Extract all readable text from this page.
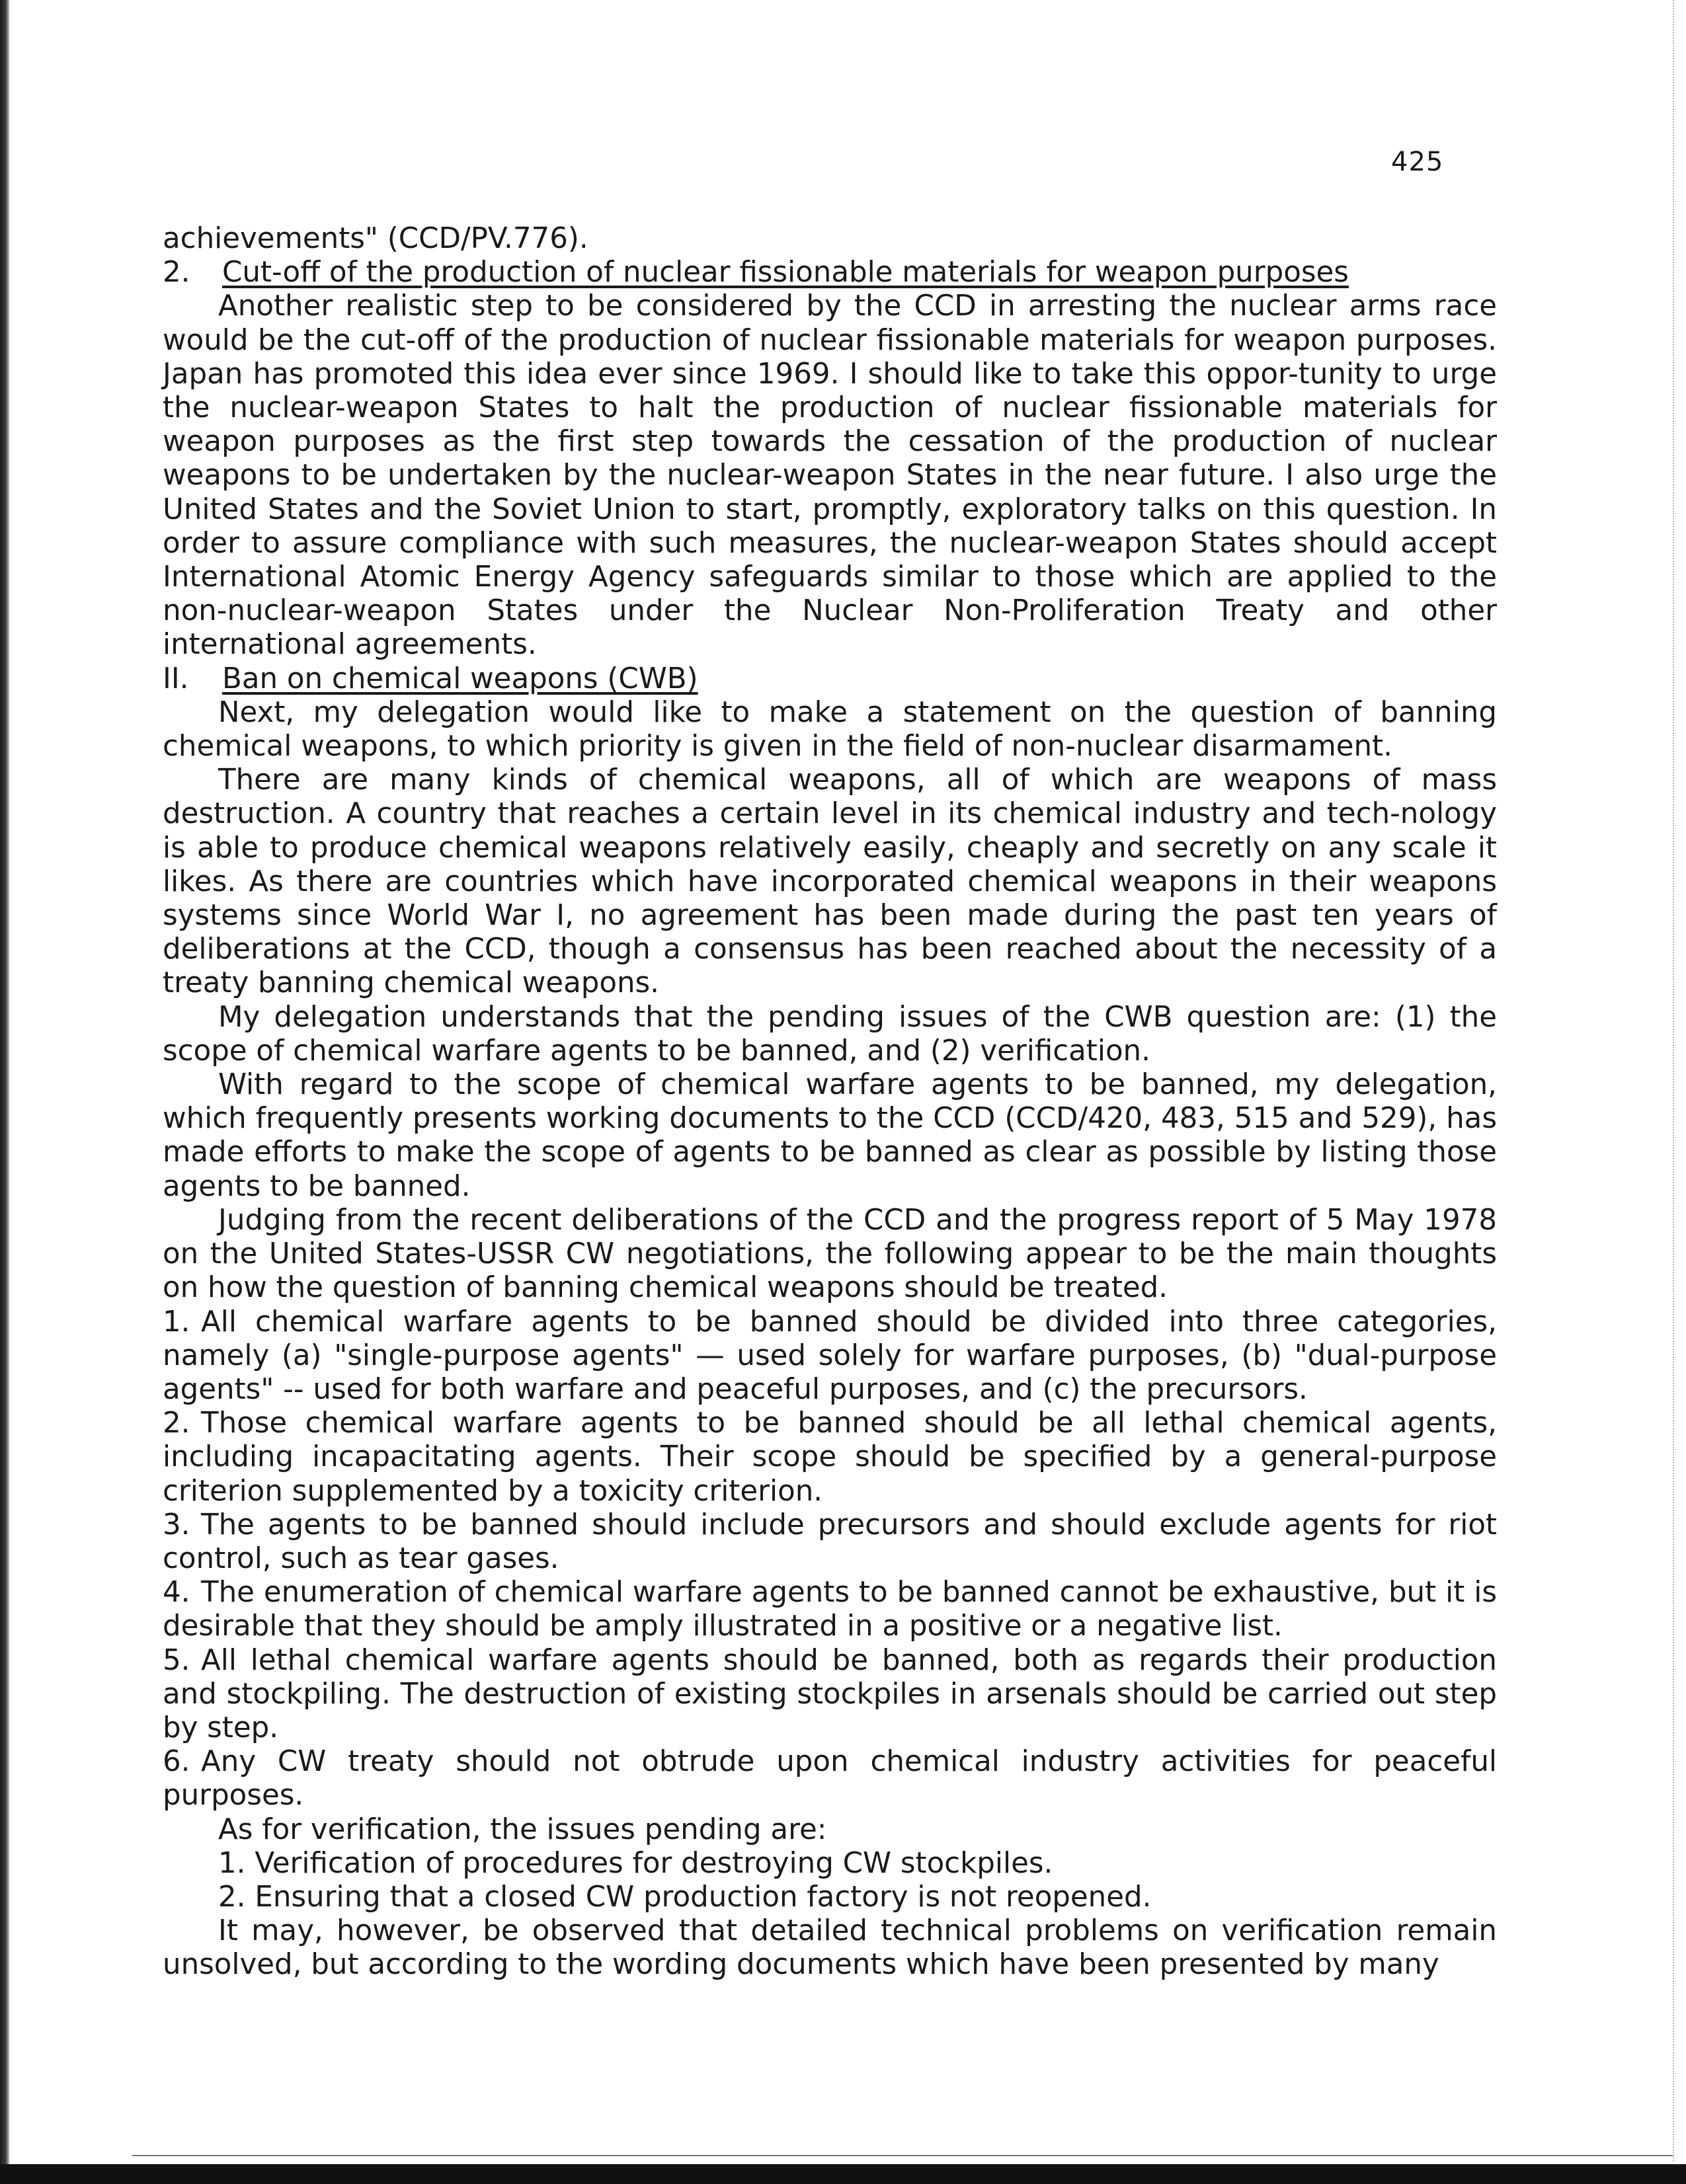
425

achievements" (CCD/PV.776).

2. Cut-off of the production of nuclear fissionable materials for weapon purposes

Another realistic step to be considered by the CCD in arresting the nuclear arms race would be the cut-off of the production of nuclear fissionable materials for weapon purposes. Japan has promoted this idea ever since 1969. I should like to take this oppor-tunity to urge the nuclear-weapon States to halt the production of nuclear fissionable materials for weapon purposes as the first step towards the cessation of the production of nuclear weapons to be undertaken by the nuclear-weapon States in the near future. I also urge the United States and the Soviet Union to start, promptly, exploratory talks on this question. In order to assure compliance with such measures, the nuclear-weapon States should accept International Atomic Energy Agency safeguards similar to those which are applied to the non-nuclear-weapon States under the Nuclear Non-Proliferation Treaty and other international agreements.

II. Ban on chemical weapons (CWB)

Next, my delegation would like to make a statement on the question of banning chemical weapons, to which priority is given in the field of non-nuclear disarmament.

There are many kinds of chemical weapons, all of which are weapons of mass destruction. A country that reaches a certain level in its chemical industry and tech-nology is able to produce chemical weapons relatively easily, cheaply and secretly on any scale it likes. As there are countries which have incorporated chemical weapons in their weapons systems since World War I, no agreement has been made during the past ten years of deliberations at the CCD, though a consensus has been reached about the necessity of a treaty banning chemical weapons.

My delegation understands that the pending issues of the CWB question are: (1) the scope of chemical warfare agents to be banned, and (2) verification.

With regard to the scope of chemical warfare agents to be banned, my delegation, which frequently presents working documents to the CCD (CCD/420, 483, 515 and 529), has made efforts to make the scope of agents to be banned as clear as possible by listing those agents to be banned.

Judging from the recent deliberations of the CCD and the progress report of 5 May 1978 on the United States-USSR CW negotiations, the following appear to be the main thoughts on how the question of banning chemical weapons should be treated.

1. All chemical warfare agents to be banned should be divided into three categories, namely (a) "single-purpose agents" — used solely for warfare purposes, (b) "dual-purpose agents" -- used for both warfare and peaceful purposes, and (c) the precursors.

2. Those chemical warfare agents to be banned should be all lethal chemical agents, including incapacitating agents. Their scope should be specified by a general-purpose criterion supplemented by a toxicity criterion.

3. The agents to be banned should include precursors and should exclude agents for riot control, such as tear gases.

4. The enumeration of chemical warfare agents to be banned cannot be exhaustive, but it is desirable that they should be amply illustrated in a positive or a negative list.

5. All lethal chemical warfare agents should be banned, both as regards their production and stockpiling. The destruction of existing stockpiles in arsenals should be carried out step by step.

6. Any CW treaty should not obtrude upon chemical industry activities for peaceful purposes.

As for verification, the issues pending are:

1. Verification of procedures for destroying CW stockpiles.

2. Ensuring that a closed CW production factory is not reopened.

It may, however, be observed that detailed technical problems on verification remain unsolved, but according to the wording documents which have been presented by many
